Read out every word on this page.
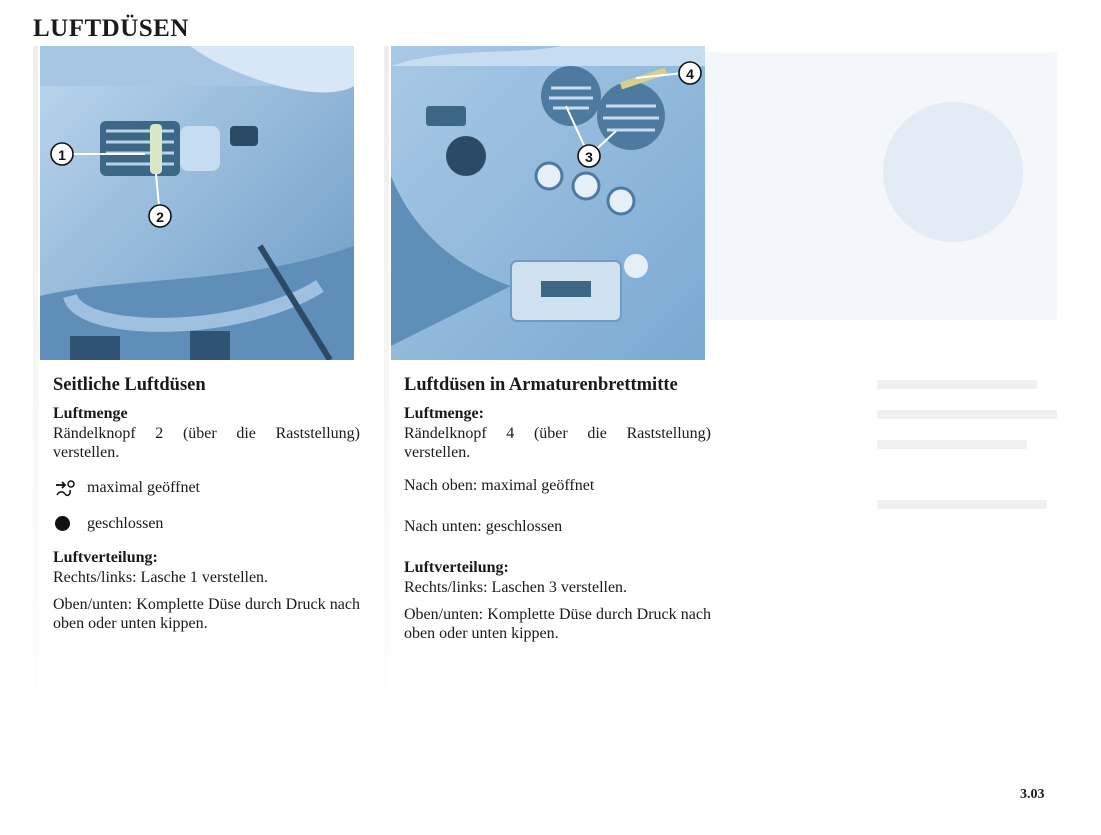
LUFTDÜSEN

1
2
Seitliche Luftdüsen

Luftmenge

Rändelknopf 2 (über die Raststellung) verstellen.

maximal geöffnet
geschlossen

Luftverteilung:

Rechts/links: Lasche 1 verstellen.

Oben/unten: Komplette Düse durch Druck nach oben oder unten kippen.

3
4
Luftdüsen in Armaturenbrettmitte

Luftmenge:

Rändelknopf 4 (über die Raststellung) verstellen.

Nach oben: maximal geöffnet

Nach unten: geschlossen

Luftverteilung:

Rechts/links: Laschen 3 verstellen.

Oben/unten: Komplette Düse durch Druck nach oben oder unten kippen.

3.03
